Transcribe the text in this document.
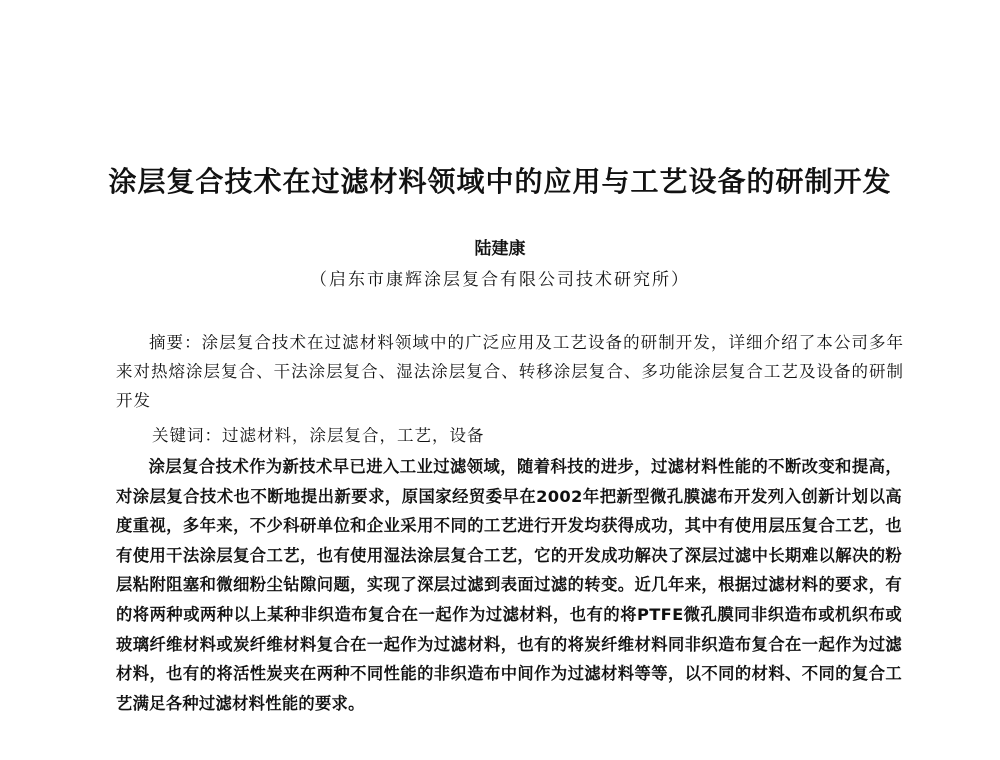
涂层复合技术在过滤材料领域中的应用与工艺设备的研制开发

陆建康

（启东市康辉涂层复合有限公司技术研究所）

摘要：涂层复合技术在过滤材料领域中的广泛应用及工艺设备的研制开发，详细介绍了本公司多年来对热熔涂层复合、干法涂层复合、湿法涂层复合、转移涂层复合、多功能涂层复合工艺及设备的研制开发

关键词：过滤材料，涂层复合，工艺，设备

涂层复合技术作为新技术早已进入工业过滤领域，随着科技的进步，过滤材料性能的不断改变和提高，对涂层复合技术也不断地提出新要求，原国家经贸委早在2002年把新型微孔膜滤布开发列入创新计划以高度重视，多年来，不少科研单位和企业采用不同的工艺进行开发均获得成功，其中有使用层压复合工艺，也有使用干法涂层复合工艺，也有使用湿法涂层复合工艺，它的开发成功解决了深层过滤中长期难以解决的粉层粘附阻塞和微细粉尘钻隙问题，实现了深层过滤到表面过滤的转变。近几年来，根据过滤材料的要求，有的将两种或两种以上某种非织造布复合在一起作为过滤材料，也有的将PTFE微孔膜同非织造布或机织布或玻璃纤维材料或炭纤维材料复合在一起作为过滤材料，也有的将炭纤维材料同非织造布复合在一起作为过滤材料，也有的将活性炭夹在两种不同性能的非织造布中间作为过滤材料等等，以不同的材料、不同的复合工艺满足各种过滤材料性能的要求。
